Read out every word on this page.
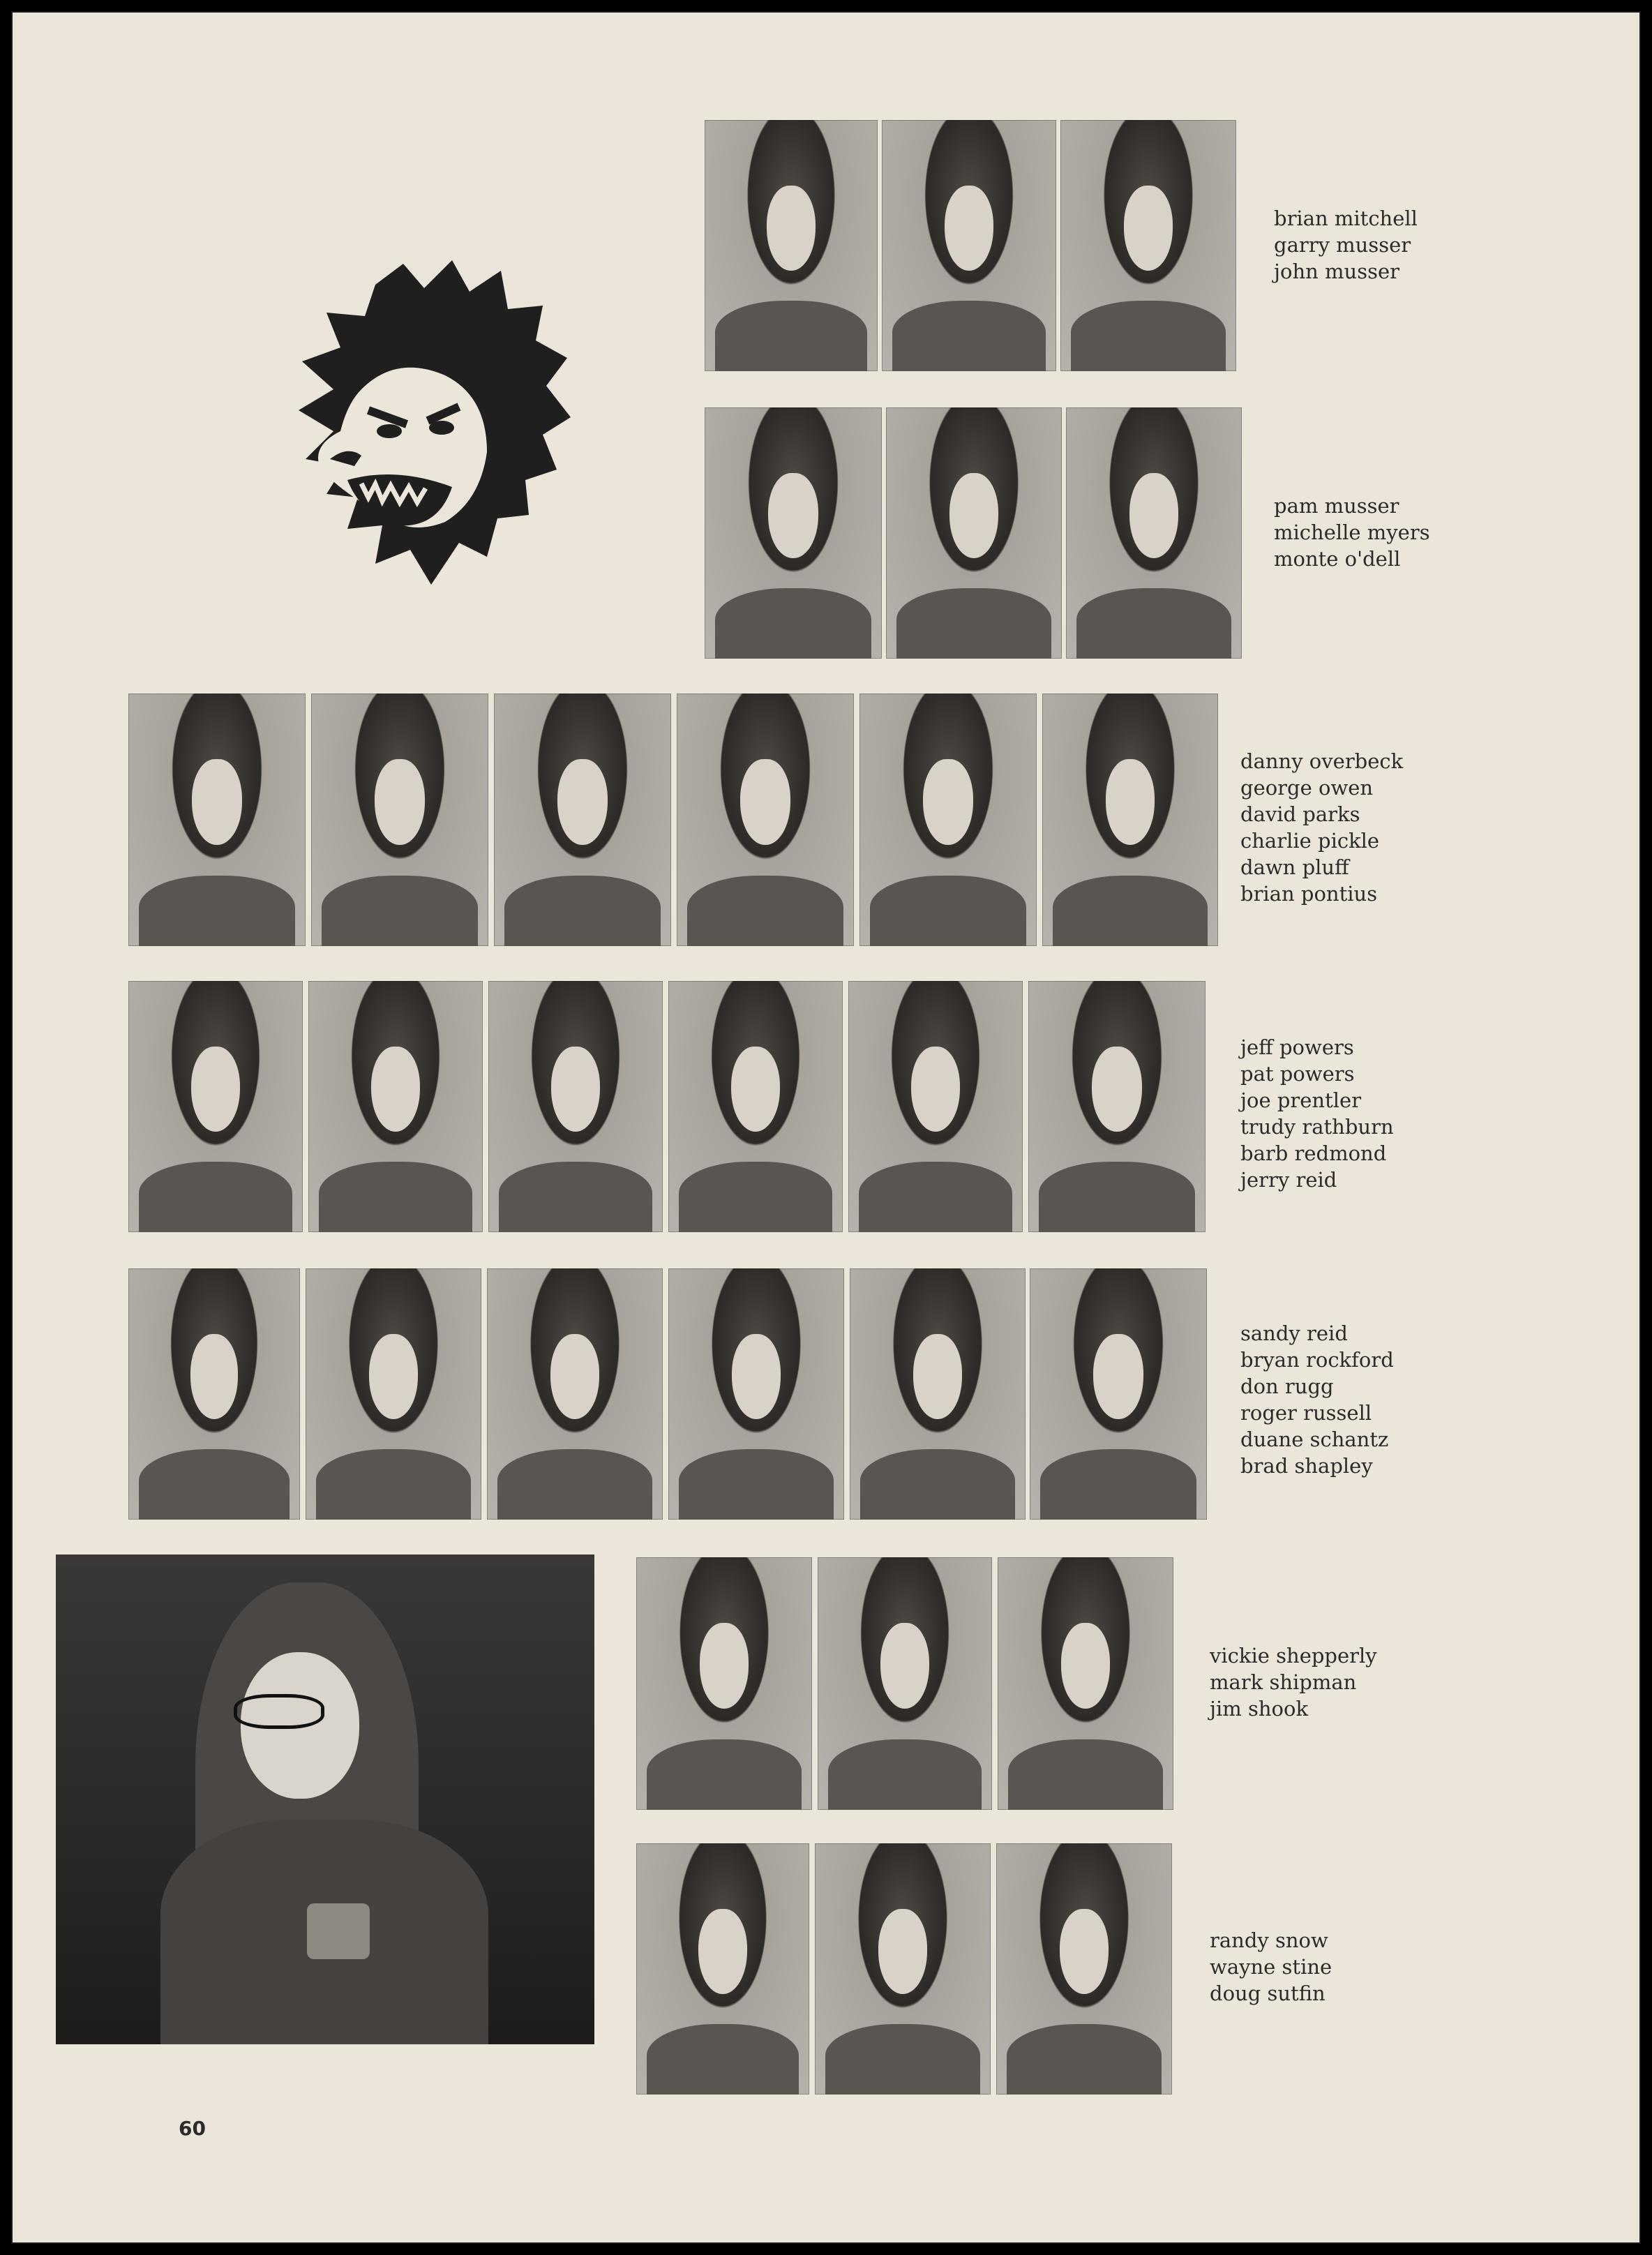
brian mitchell
garry musser
john musser
pam musser
michelle myers
monte o'dell
danny overbeck
george owen
david parks
charlie pickle
dawn pluff
brian pontius
jeff powers
pat powers
joe prentler
trudy rathburn
barb redmond
jerry reid
sandy reid
bryan rockford
don rugg
roger russell
duane schantz
brad shapley
vickie shepperly
mark shipman
jim shook
randy snow
wayne stine
doug sutfin
60
